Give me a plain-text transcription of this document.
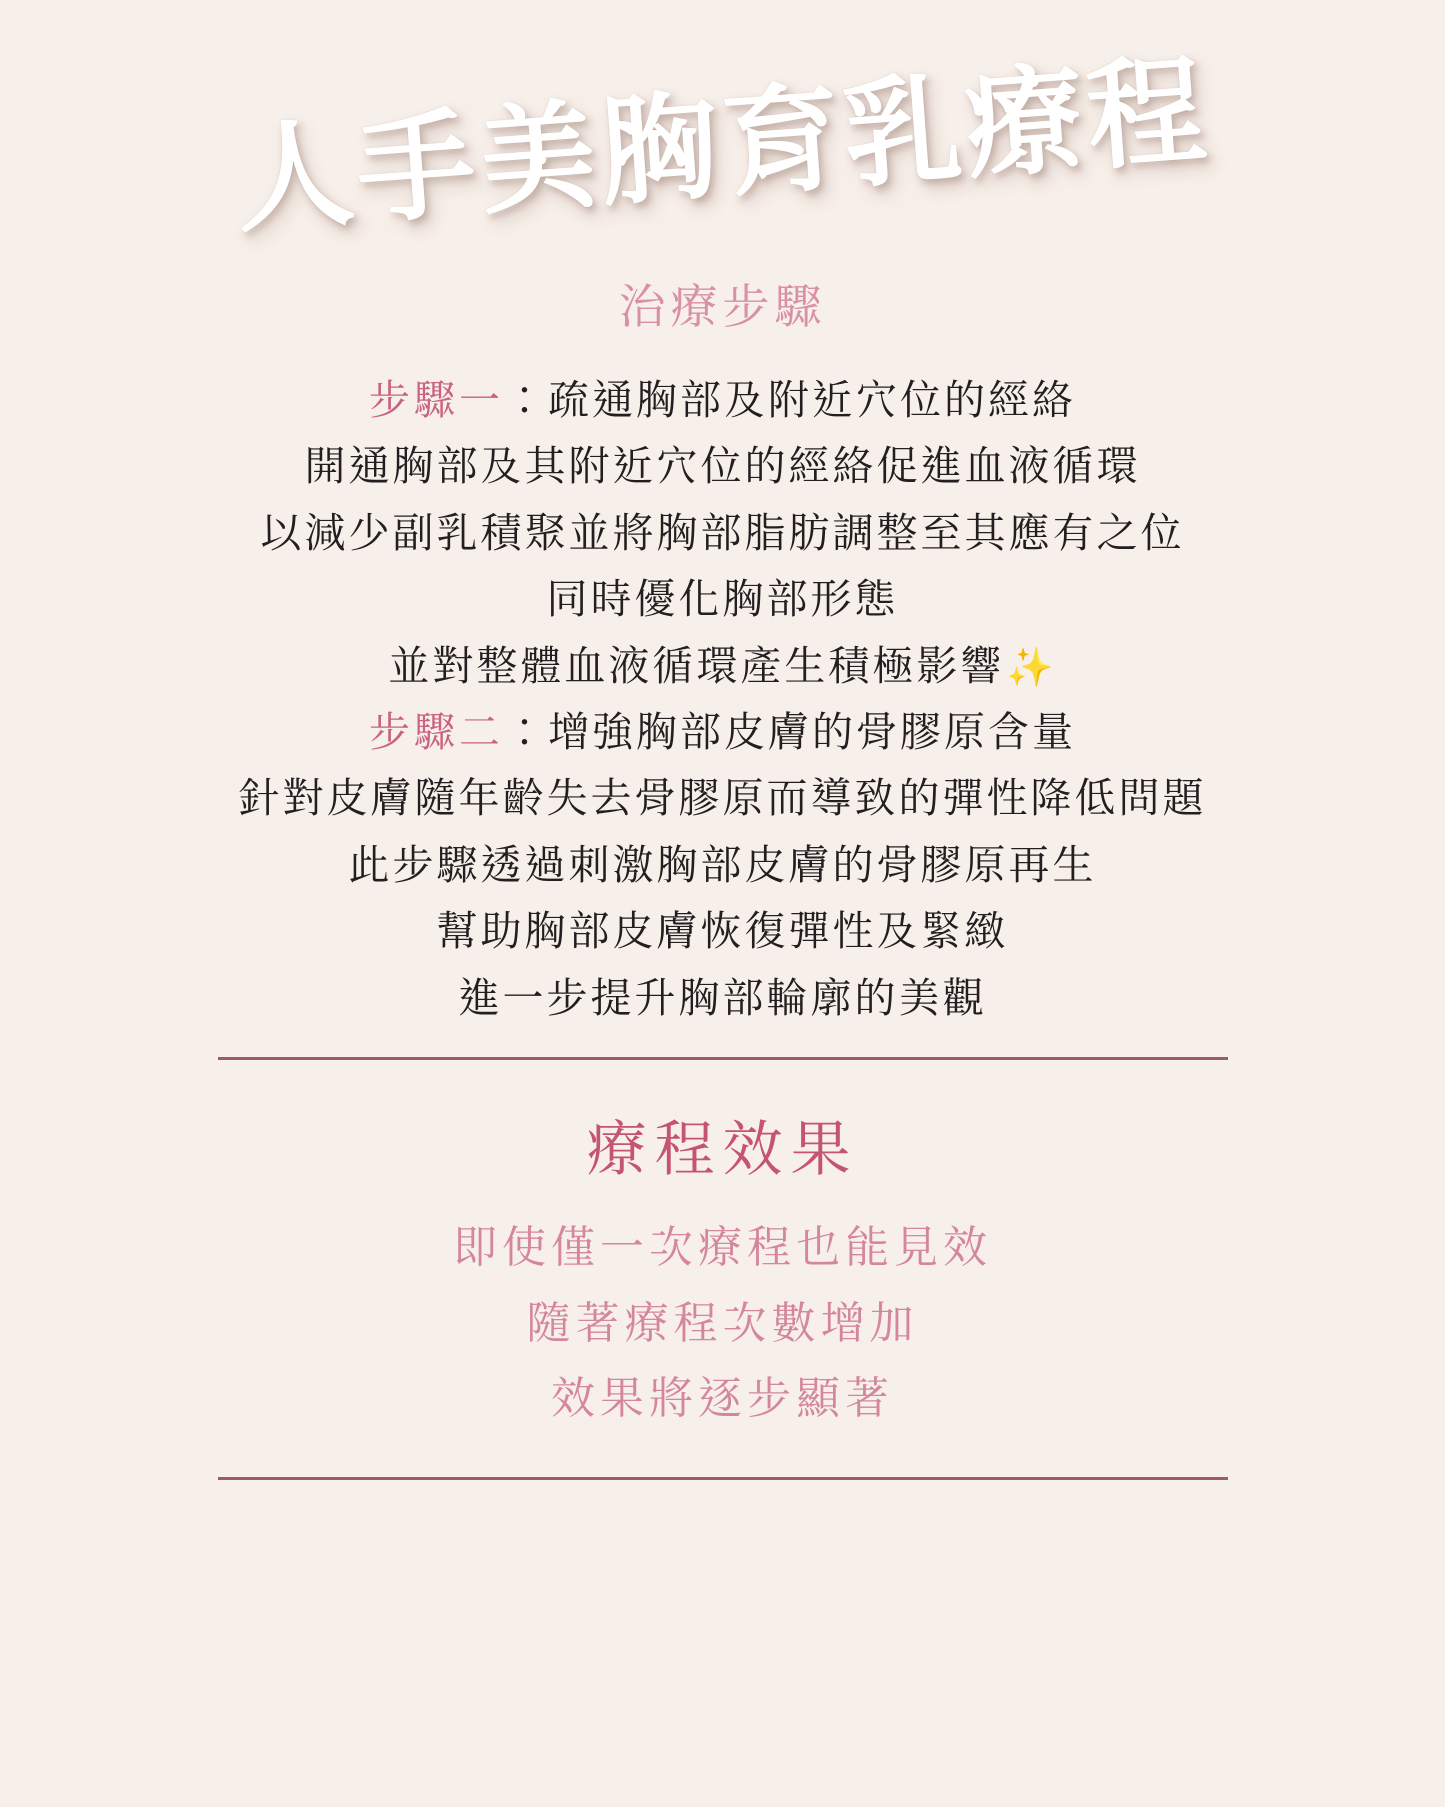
人手美胸育乳療程
治療步驟
步驟一：疏通胸部及附近穴位的經絡
開通胸部及其附近穴位的經絡促進血液循環
以減少副乳積聚並將胸部脂肪調整至其應有之位
同時優化胸部形態
並對整體血液循環產生積極影響✨
步驟二：增強胸部皮膚的骨膠原含量
針對皮膚隨年齡失去骨膠原而導致的彈性降低問題
此步驟透過刺激胸部皮膚的骨膠原再生
幫助胸部皮膚恢復彈性及緊緻
進一步提升胸部輪廓的美觀
療程效果
即使僅一次療程也能見效
隨著療程次數增加
效果將逐步顯著
